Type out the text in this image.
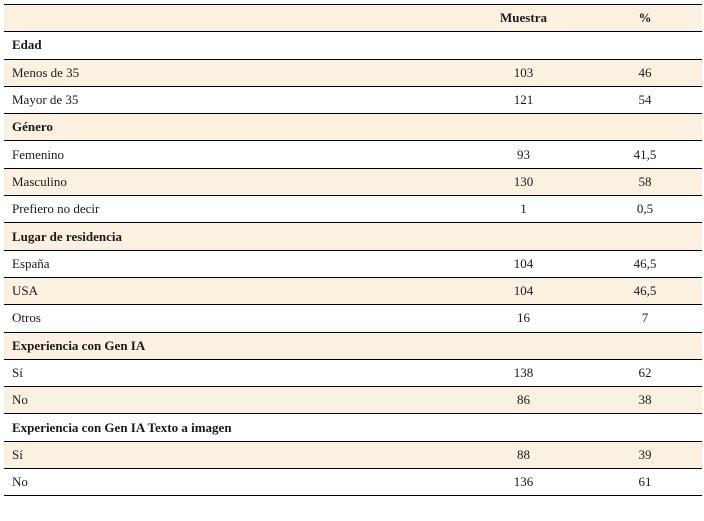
	Muestra	%
Edad		
Menos de 35	103	46
Mayor de 35	121	54
Género		
Femenino	93	41,5
Masculino	130	58
Prefiero no decir	1	0,5
Lugar de residencia		
España	104	46,5
USA	104	46,5
Otros	16	7
Experiencia con Gen IA		
Sí	138	62
No	86	38
Experiencia con Gen IA Texto a imagen		
Sí	88	39
No	136	61
